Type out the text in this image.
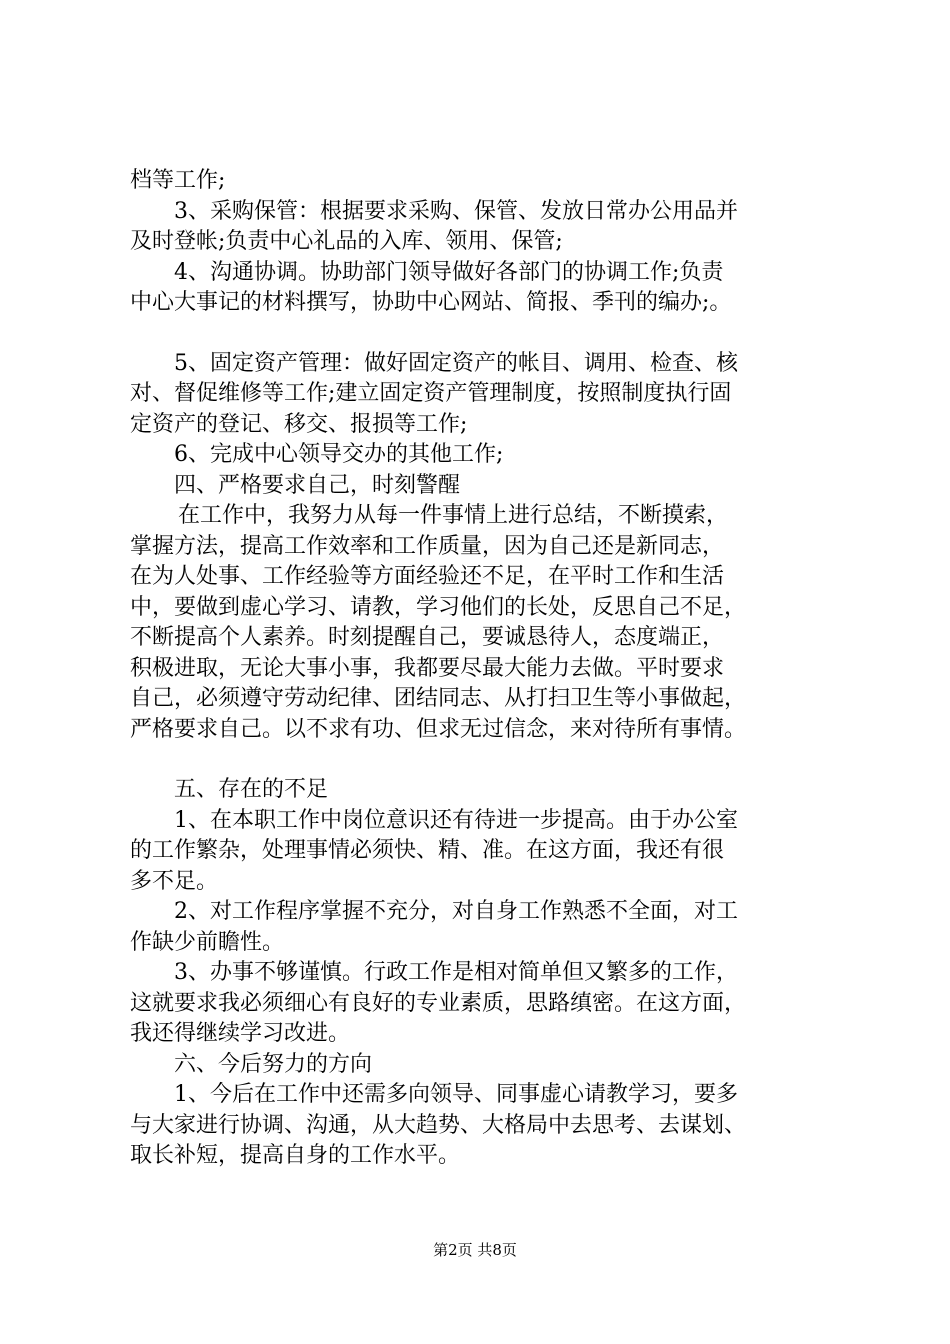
档等工作;
3、采购保管：根据要求采购、保管、发放日常办公用品并
及时登帐;负责中心礼品的入库、领用、保管;
4、沟通协调。协助部门领导做好各部门的协调工作;负责
中心大事记的材料撰写，协助中心网站、简报、季刊的编办;。
5、固定资产管理：做好固定资产的帐目、调用、检查、核
对、督促维修等工作;建立固定资产管理制度，按照制度执行固
定资产的登记、移交、报损等工作;
6、完成中心领导交办的其他工作;
四、严格要求自己，时刻警醒
在工作中，我努力从每一件事情上进行总结，不断摸索，
掌握方法，提高工作效率和工作质量，因为自己还是新同志，
在为人处事、工作经验等方面经验还不足，在平时工作和生活
中，要做到虚心学习、请教，学习他们的长处，反思自己不足，
不断提高个人素养。时刻提醒自己，要诚恳待人，态度端正，
积极进取，无论大事小事，我都要尽最大能力去做。平时要求
自己，必须遵守劳动纪律、团结同志、从打扫卫生等小事做起，
严格要求自己。以不求有功、但求无过信念，来对待所有事情。
五、存在的不足
1、在本职工作中岗位意识还有待进一步提高。由于办公室
的工作繁杂，处理事情必须快、精、准。在这方面，我还有很
多不足。
2、对工作程序掌握不充分，对自身工作熟悉不全面，对工
作缺少前瞻性。
3、办事不够谨慎。行政工作是相对简单但又繁多的工作，
这就要求我必须细心有良好的专业素质，思路缜密。在这方面，
我还得继续学习改进。
六、今后努力的方向
1、今后在工作中还需多向领导、同事虚心请教学习，要多
与大家进行协调、沟通，从大趋势、大格局中去思考、去谋划、
取长补短，提高自身的工作水平。
第2页 共8页
